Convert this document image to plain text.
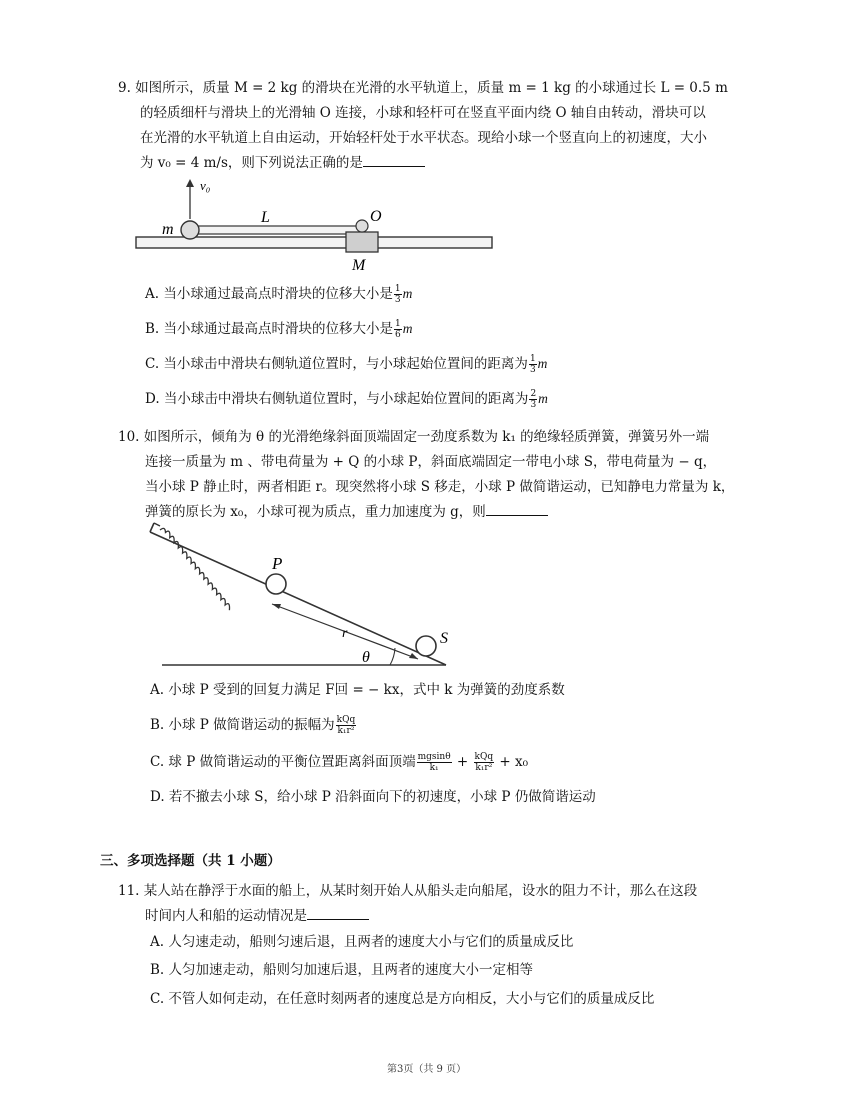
9. 如图所示，质量 M = 2 kg 的滑块在光滑的水平轨道上，质量 m = 1 kg 的小球通过长 L = 0.5 m
的轻质细杆与滑块上的光滑轴 O 连接，小球和轻杆可在竖直平面内绕 O 轴自由转动，滑块可以
在光滑的水平轨道上自由运动，开始轻杆处于水平状态。现给小球一个竖直向上的初速度，大小
为 v₀ = 4 m/s，则下列说法正确的是
v₀
m
L	O
M
A. 当小球通过最高点时滑块的位移大小是 $\frac{1}{3}$ m
B. 当小球通过最高点时滑块的位移大小是 $\frac{1}{6}$ m
C. 当小球击中滑块右侧轨道位置时，与小球起始位置间的距离为 $\frac{1}{3}$ m
D. 当小球击中滑块右侧轨道位置时，与小球起始位置间的距离为 $\frac{2}{3}$ m
10. 如图所示，倾角为 θ 的光滑绝缘斜面顶端固定一劲度系数为 k₁ 的绝缘轻质弹簧，弹簧另外一端
连接一质量为 m 、带电荷量为 + Q 的小球 P，斜面底端固定一带电小球 S，带电荷量为 − q，
当小球 P 静止时，两者相距 r。现突然将小球 S 移走，小球 P 做简谐运动，已知静电力常量为 k，
弹簧的原长为 x₀，小球可视为质点，重力加速度为 g，则
P
r
θ
S
A. 小球 P 受到的回复力满足 F回 = − kx，式中 k 为弹簧的劲度系数
B. 小球 P 做简谐运动的振幅为 $\frac{\text{kQq}}{\text{k₁r²}}$
C. 球 P 做简谐运动的平衡位置距离斜面顶端 $\frac{mgsin\theta}{\text{k₁}} + \frac{\text{kQq}}{\text{k₁r²}} + x_0$
D. 若不撤去小球 S，给小球 P 沿斜面向下的初速度，小球 P 仍做简谐运动
三、多项选择题（共 1 小题）
11. 某人站在静浮于水面的船上，从某时刻开始人从船头走向船尾，设水的阻力不计，那么在这段
时间内人和船的运动情况是
A. 人匀速走动，船则匀速后退，且两者的速度大小与它们的质量成反比
B. 人匀加速走动，船则匀加速后退，且两者的速度大小一定相等
C. 不管人如何走动，在任意时刻两者的速度总是方向相反，大小与它们的质量成反比
第3页（共 9 页）
